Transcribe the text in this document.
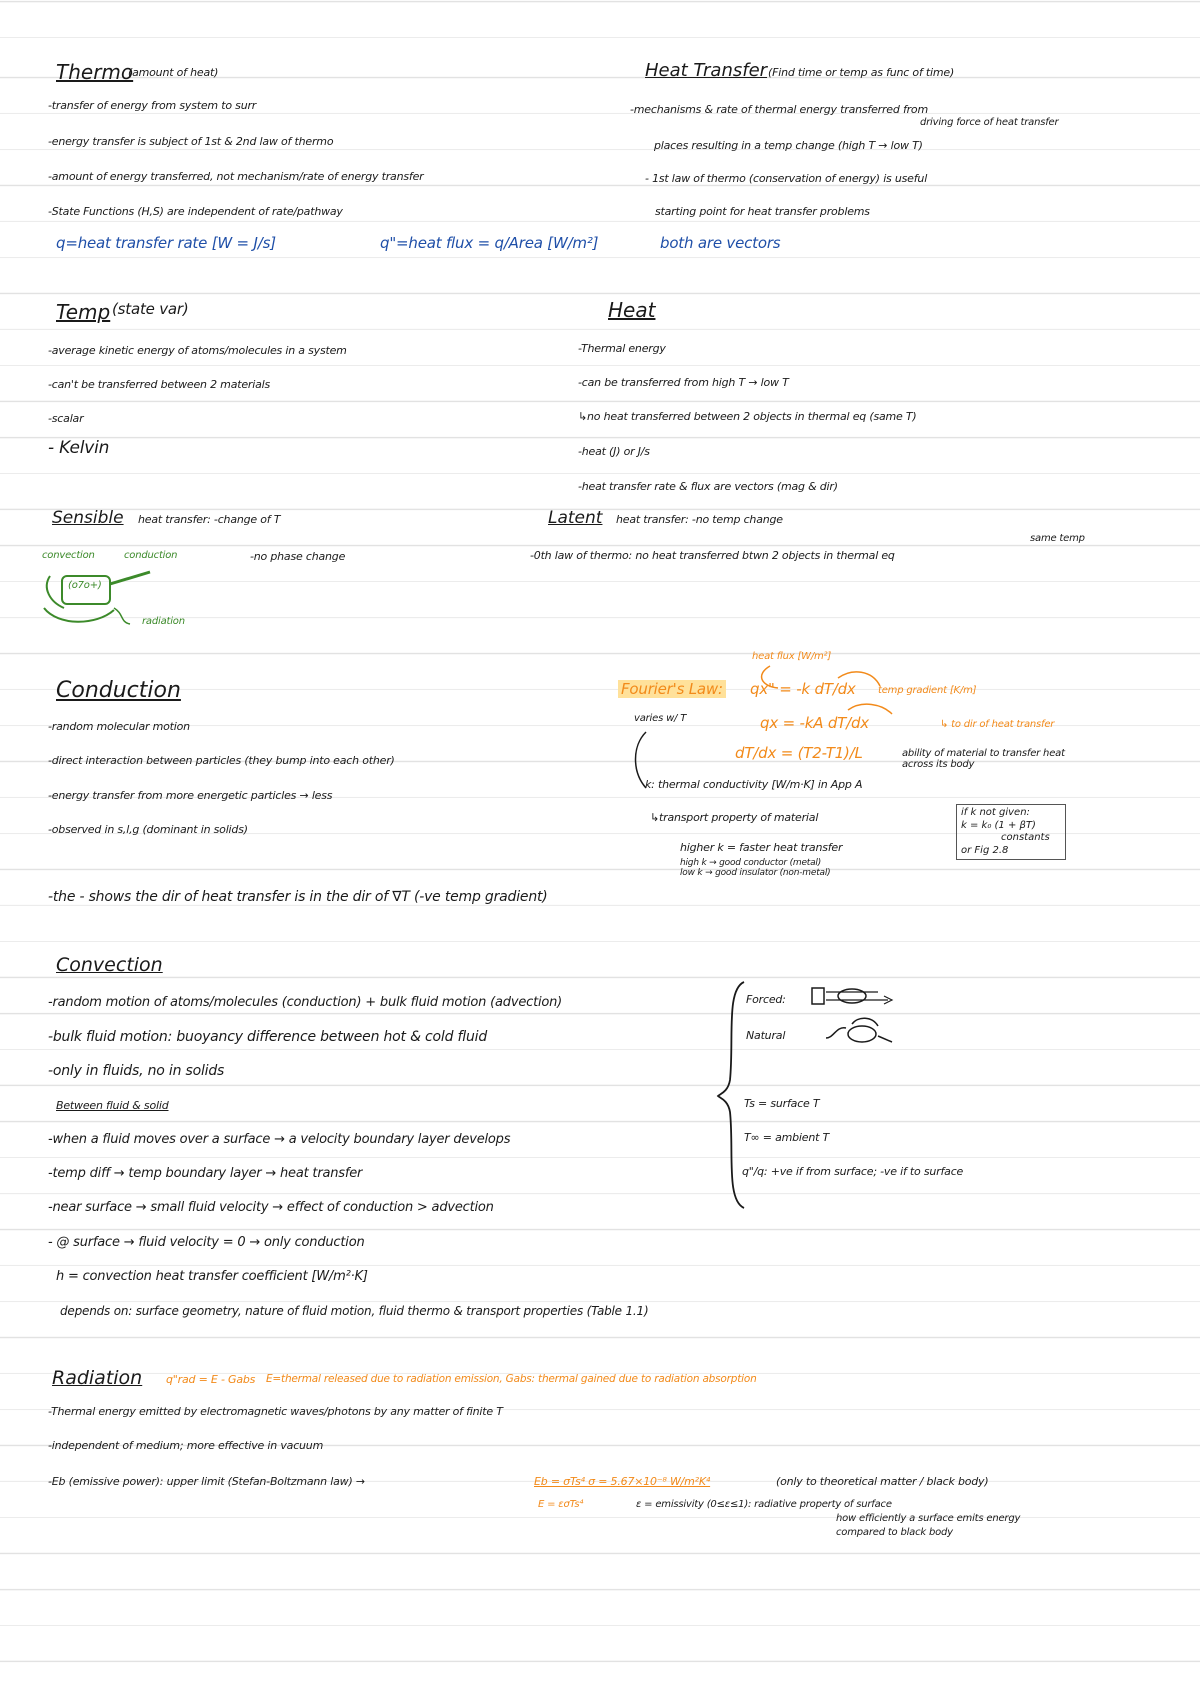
Thermo
(amount of heat)
-transfer of energy from system to surr
-energy transfer is subject of 1st & 2nd law of thermo
-amount of energy transferred, not mechanism/rate of energy transfer
-State Functions (H,S) are independent of rate/pathway
q=heat transfer rate [W = J/s]	q"=heat flux = q/Area [W/m²]
Heat Transfer (Find time or temp as func of time)
-mechanisms & rate of thermal energy transferred from
driving force of heat transfer
places resulting in a temp change (high T → low T)
- 1st law of thermo (conservation of energy) is useful
starting point for heat transfer problems
both are vectors
Temp (state var)
-average kinetic energy of atoms/molecules in a system
-can't be transferred between 2 materials
-scalar
- Kelvin
Heat
-Thermal energy
-can be transferred from high T → low T
↳no heat transferred between 2 objects in thermal eq (same T)
-heat (J) or J/s
-heat transfer rate & flux are vectors (mag & dir)
Sensible heat transfer: -change of T
convection	conduction	-no phase change
(o7o+)
radiation
Latent heat transfer: -no temp change
same temp
-0th law of thermo: no heat transferred btwn 2 objects in thermal eq
Conduction
-random molecular motion
-direct interaction between particles (they bump into each other)
-energy transfer from more energetic particles → less
-observed in s,l,g (dominant in solids)
-the - shows the dir of heat transfer is in the dir of ∇T (-ve temp gradient)
heat flux [W/m²]
Fourier's Law: qx" = -k dT/dx temp gradient [K/m]
varies w/ T	qx = -kA dT/dx	↳ to dir of heat transfer
dT/dx = (T2-T1)/L	ability of material to transfer heat across its body
k: thermal conductivity [W/m·K] in App A
↳transport property of material
higher k = faster heat transfer
high k → good conductor (metal)
low k → good insulator (non-metal)
if k not given:
k = k₀ (1 + βT)
constants
or Fig 2.8
Convection
-random motion of atoms/molecules (conduction) + bulk fluid motion (advection)
-bulk fluid motion: buoyancy difference between hot & cold fluid
-only in fluids, no in solids
Between fluid & solid
-when a fluid moves over a surface → a velocity boundary layer develops
-temp diff → temp boundary layer → heat transfer
-near surface → small fluid velocity → effect of conduction > advection
- @ surface → fluid velocity = 0 → only conduction
h = convection heat transfer coefficient [W/m²·K]
depends on: surface geometry, nature of fluid motion, fluid thermo & transport properties (Table 1.1)
Forced:
Natural
Ts = surface T
T∞ = ambient T
q"/q: +ve if from surface; -ve if to surface
Radiation q"rad = E - Gabs E=thermal released due to radiation emission, Gabs: thermal gained due to radiation absorption
-Thermal energy emitted by electromagnetic waves/photons by any matter of finite T
-independent of medium; more effective in vacuum
-Eb (emissive power): upper limit (Stefan-Boltzmann law) →	Eb = σTs⁴ σ = 5.67×10⁻⁸ W/m²K⁴	(only to theoretical matter / black body)
E = εσTs⁴	ε = emissivity (0≤ε≤1): radiative property of surface
how efficiently a surface emits energy
compared to black body
